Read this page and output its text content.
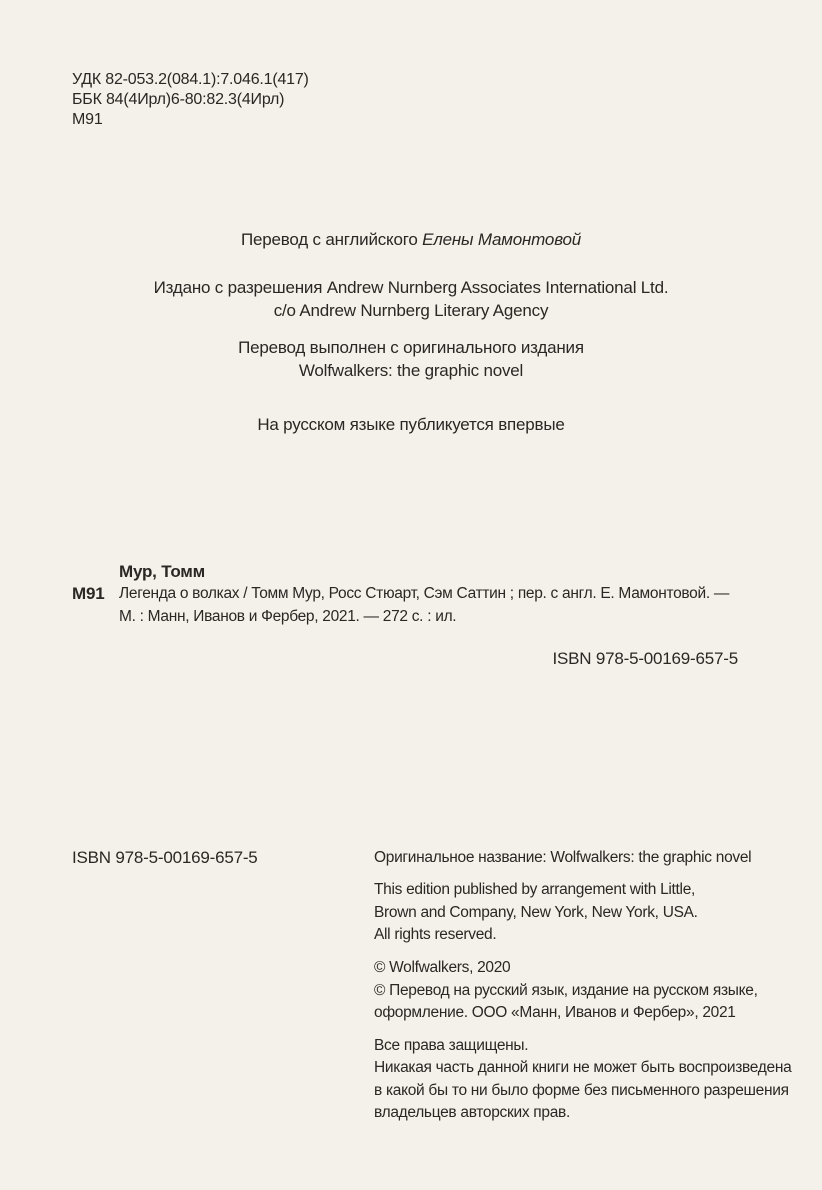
УДК 82-053.2(084.1):7.046.1(417)
ББК 84(4Ирл)6-80:82.3(4Ирл)
М91
Перевод с английского Елены Мамонтовой
Издано с разрешения Andrew Nurnberg Associates International Ltd.
c/o Andrew Nurnberg Literary Agency
Перевод выполнен с оригинального издания
Wolfwalkers: the graphic novel
На русском языке публикуется впервые
Мур, Томм
М91 Легенда о волках / Томм Мур, Росс Стюарт, Сэм Саттин ; пер. с англ. Е. Мамонтовой. —
М. : Манн, Иванов и Фербер, 2021. — 272 с. : ил.
ISBN 978-5-00169-657-5
ISBN 978-5-00169-657-5	Оригинальное название: Wolfwalkers: the graphic novel
This edition published by arrangement with Little,
Brown and Company, New York, New York, USA.
All rights reserved.
© Wolfwalkers, 2020
© Перевод на русский язык, издание на русском языке,
оформление. ООО «Манн, Иванов и Фербер», 2021
Все права защищены.
Никакая часть данной книги не может быть воспроизведена
в какой бы то ни было форме без письменного разрешения
владельцев авторских прав.
